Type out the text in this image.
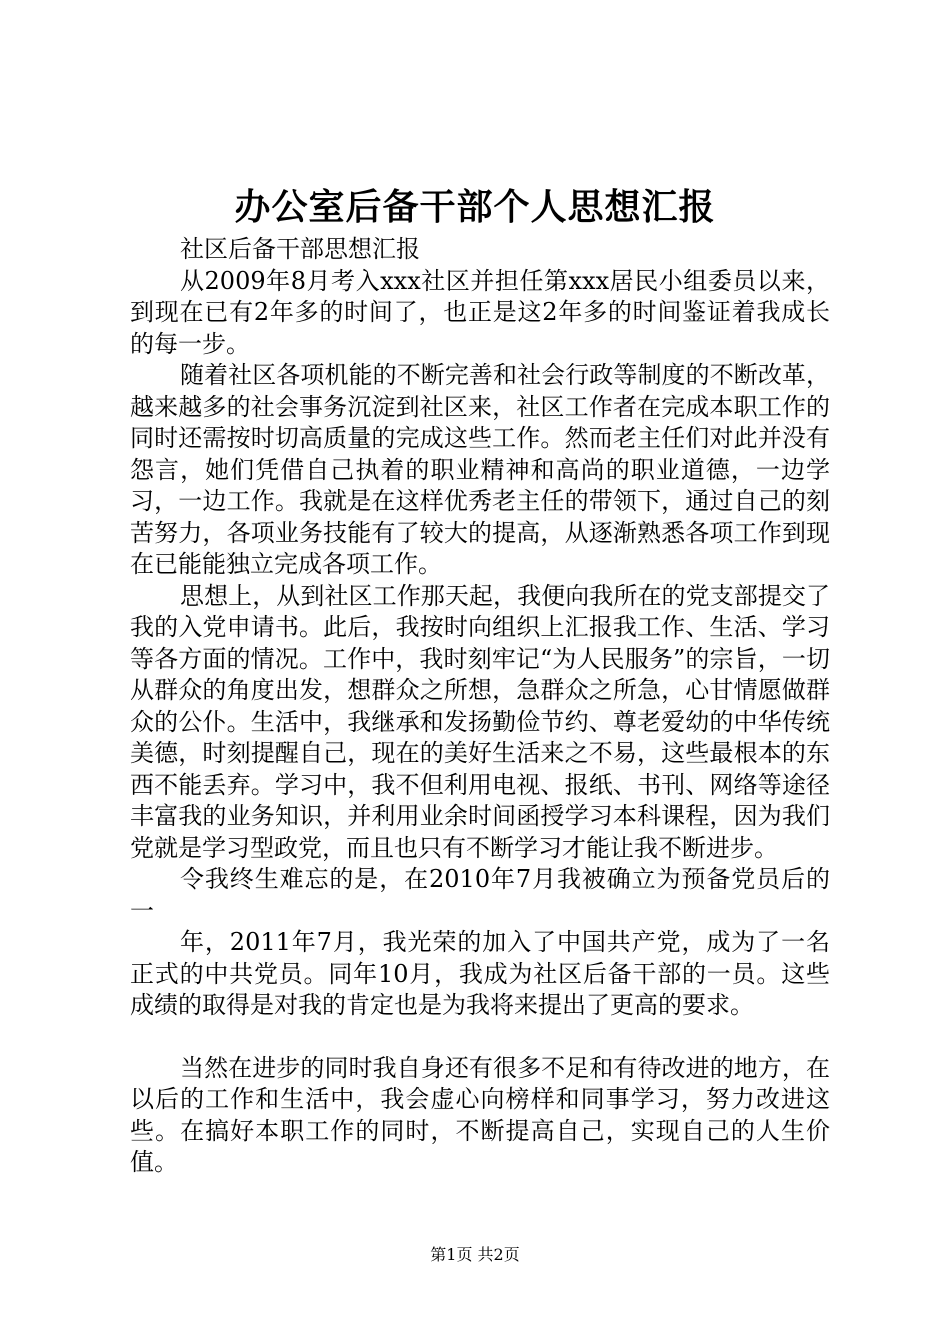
办公室后备干部个人思想汇报

社区后备干部思想汇报

从2009年8月考入xxx社区并担任第xxx居民小组委员以来，到现在已有2年多的时间了，也正是这2年多的时间鉴证着我成长的每一步。

随着社区各项机能的不断完善和社会行政等制度的不断改革，越来越多的社会事务沉淀到社区来，社区工作者在完成本职工作的同时还需按时切高质量的完成这些工作。然而老主任们对此并没有怨言，她们凭借自己执着的职业精神和高尚的职业道德，一边学习，一边工作。我就是在这样优秀老主任的带领下，通过自己的刻苦努力，各项业务技能有了较大的提高，从逐渐熟悉各项工作到现在已能能独立完成各项工作。

思想上，从到社区工作那天起，我便向我所在的党支部提交了我的入党申请书。此后，我按时向组织上汇报我工作、生活、学习等各方面的情况。工作中，我时刻牢记“为人民服务”的宗旨，一切从群众的角度出发，想群众之所想，急群众之所急，心甘情愿做群众的公仆。生活中，我继承和发扬勤俭节约、尊老爱幼的中华传统美德，时刻提醒自己，现在的美好生活来之不易，这些最根本的东西不能丢弃。学习中，我不但利用电视、报纸、书刊、网络等途径丰富我的业务知识，并利用业余时间函授学习本科课程，因为我们党就是学习型政党，而且也只有不断学习才能让我不断进步。

令我终生难忘的是，在2010年7月我被确立为预备党员后的一

年，2011年7月，我光荣的加入了中国共产党，成为了一名正式的中共党员。同年10月，我成为社区后备干部的一员。这些成绩的取得是对我的肯定也是为我将来提出了更高的要求。

当然在进步的同时我自身还有很多不足和有待改进的地方，在以后的工作和生活中，我会虚心向榜样和同事学习，努力改进这些。在搞好本职工作的同时，不断提高自己，实现自己的人生价值。

第1页 共2页
